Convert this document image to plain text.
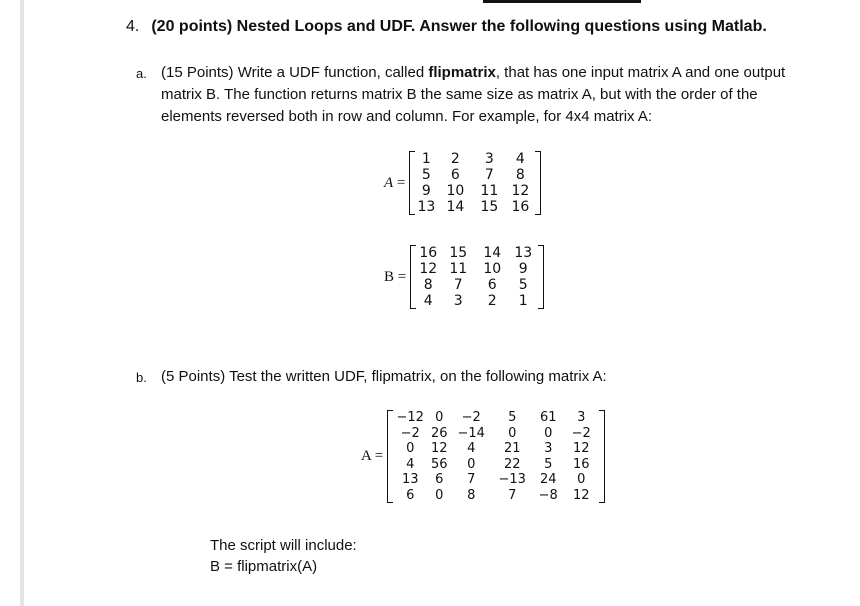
4. (20 points) Nested Loops and UDF. Answer the following questions using Matlab.
a. (15 Points) Write a UDF function, called flipmatrix, that has one input matrix A and one output matrix B. The function returns matrix B the same size as matrix A, but with the order of the elements reversed both in row and column. For example, for 4x4 matrix A:
A =
1	2	3	4
5	6	7	8
9	10	11	12
13	14	15	16
B =
16	15	14	13
12	11	10	9
8	7	6	5
4	3	2	1
b. (5 Points) Test the written UDF, flipmatrix, on the following matrix A:
A =
−12	0	−2	5	61	3
−2	26	−14	0	0	−2
0	12	4	21	3	12
4	56	0	22	5	16
13	6	7	−13	24	0
6	0	8	7	−8	12
The script will include:
B = flipmatrix(A)
